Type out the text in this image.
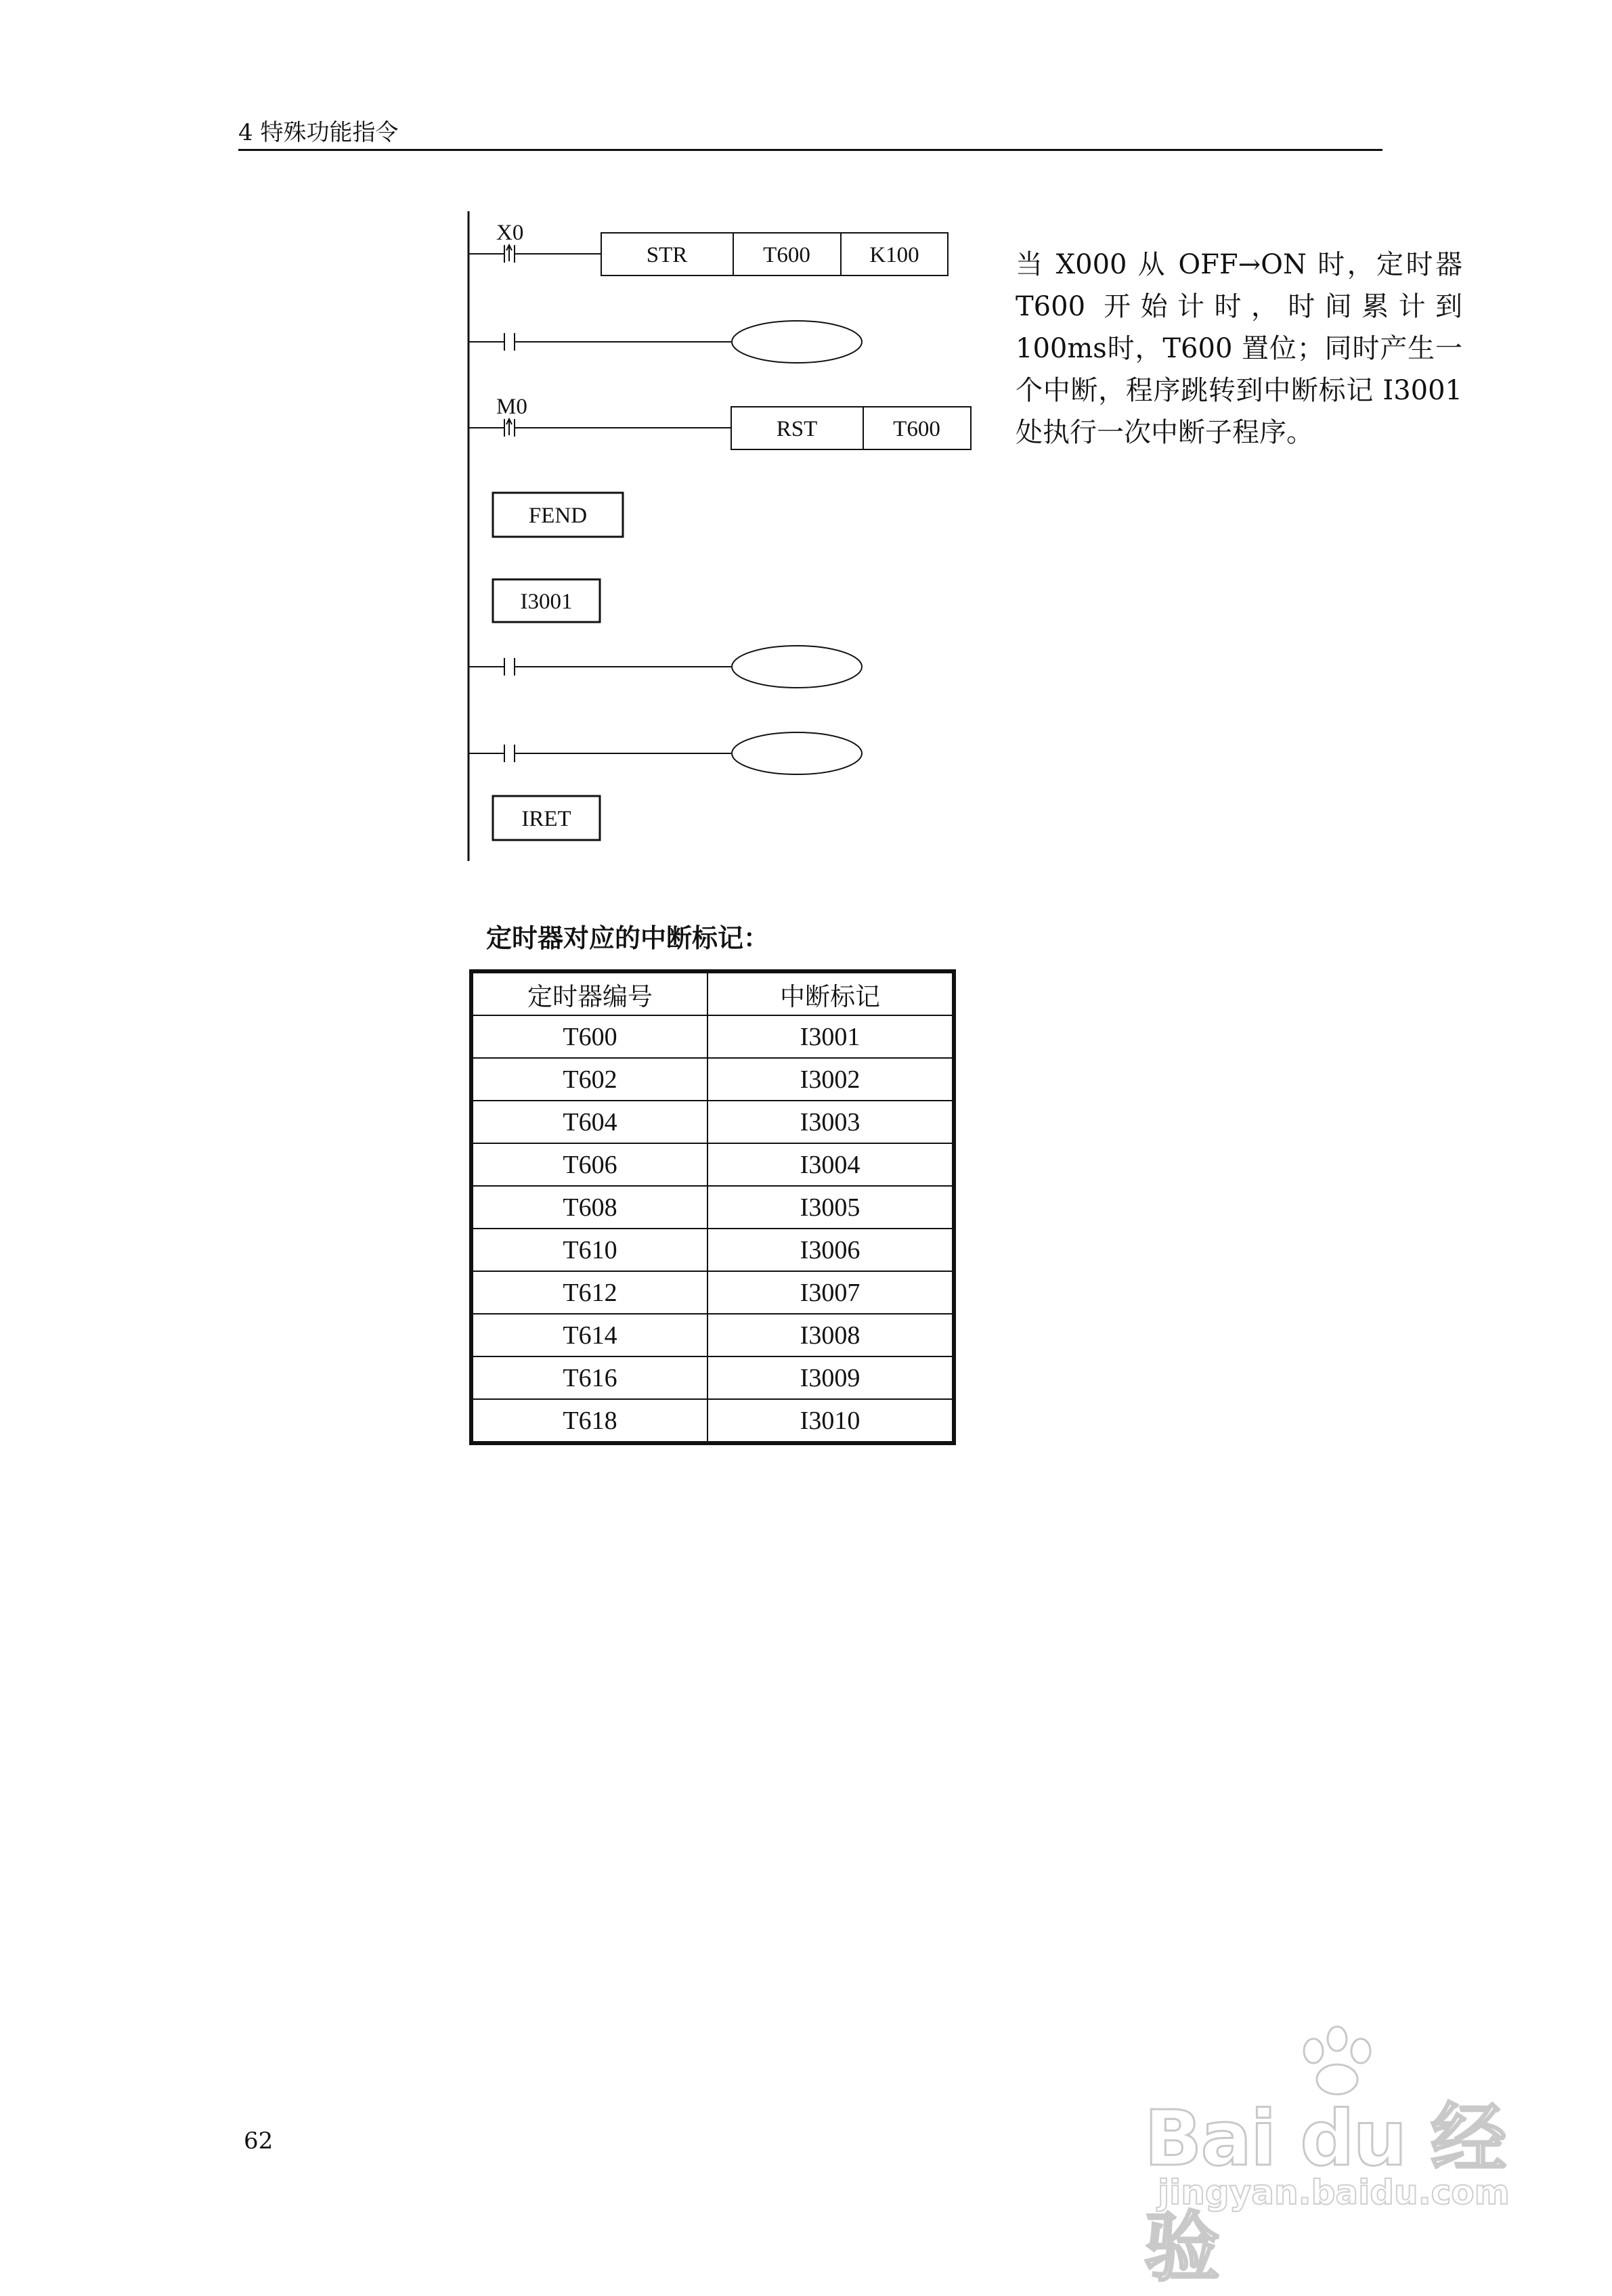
4 特殊功能指令
X0
STR	T600	K100
M0
RST	T600
FEND
I3001
IRET
当 X000 从 OFF→ON 时，定时器T600 开始计时，时间累计到 100ms时，T600 置位；同时产生一个中断，程序跳转到中断标记 I3001 处执行一次中断子程序。
定时器对应的中断标记：
定时器编号	中断标记
T600	I3001
T602	I3002
T604	I3003
T606	I3004
T608	I3005
T610	I3006
T612	I3007
T614	I3008
T616	I3009
T618	I3010
62	Bai du 经验
jingyan.baidu.com
